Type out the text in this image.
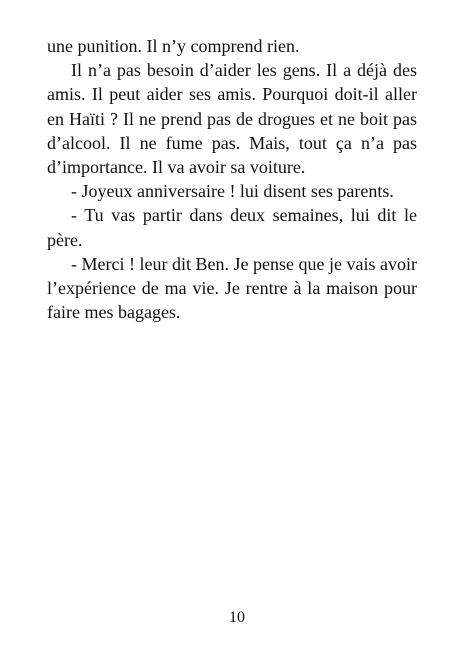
une punition. Il n’y comprend rien.

Il n’a pas besoin d’aider les gens. Il a déjà des amis. Il peut aider ses amis. Pourquoi doit-il aller en Haïti ? Il ne prend pas de drogues et ne boit pas d’alcool. Il ne fume pas. Mais, tout ça n’a pas d’importance. Il va avoir sa voiture.

- Joyeux anniversaire ! lui disent ses parents.

- Tu vas partir dans deux semaines, lui dit le père.

- Merci ! leur dit Ben. Je pense que je vais avoir l’expérience de ma vie. Je rentre à la maison pour faire mes bagages.

10
